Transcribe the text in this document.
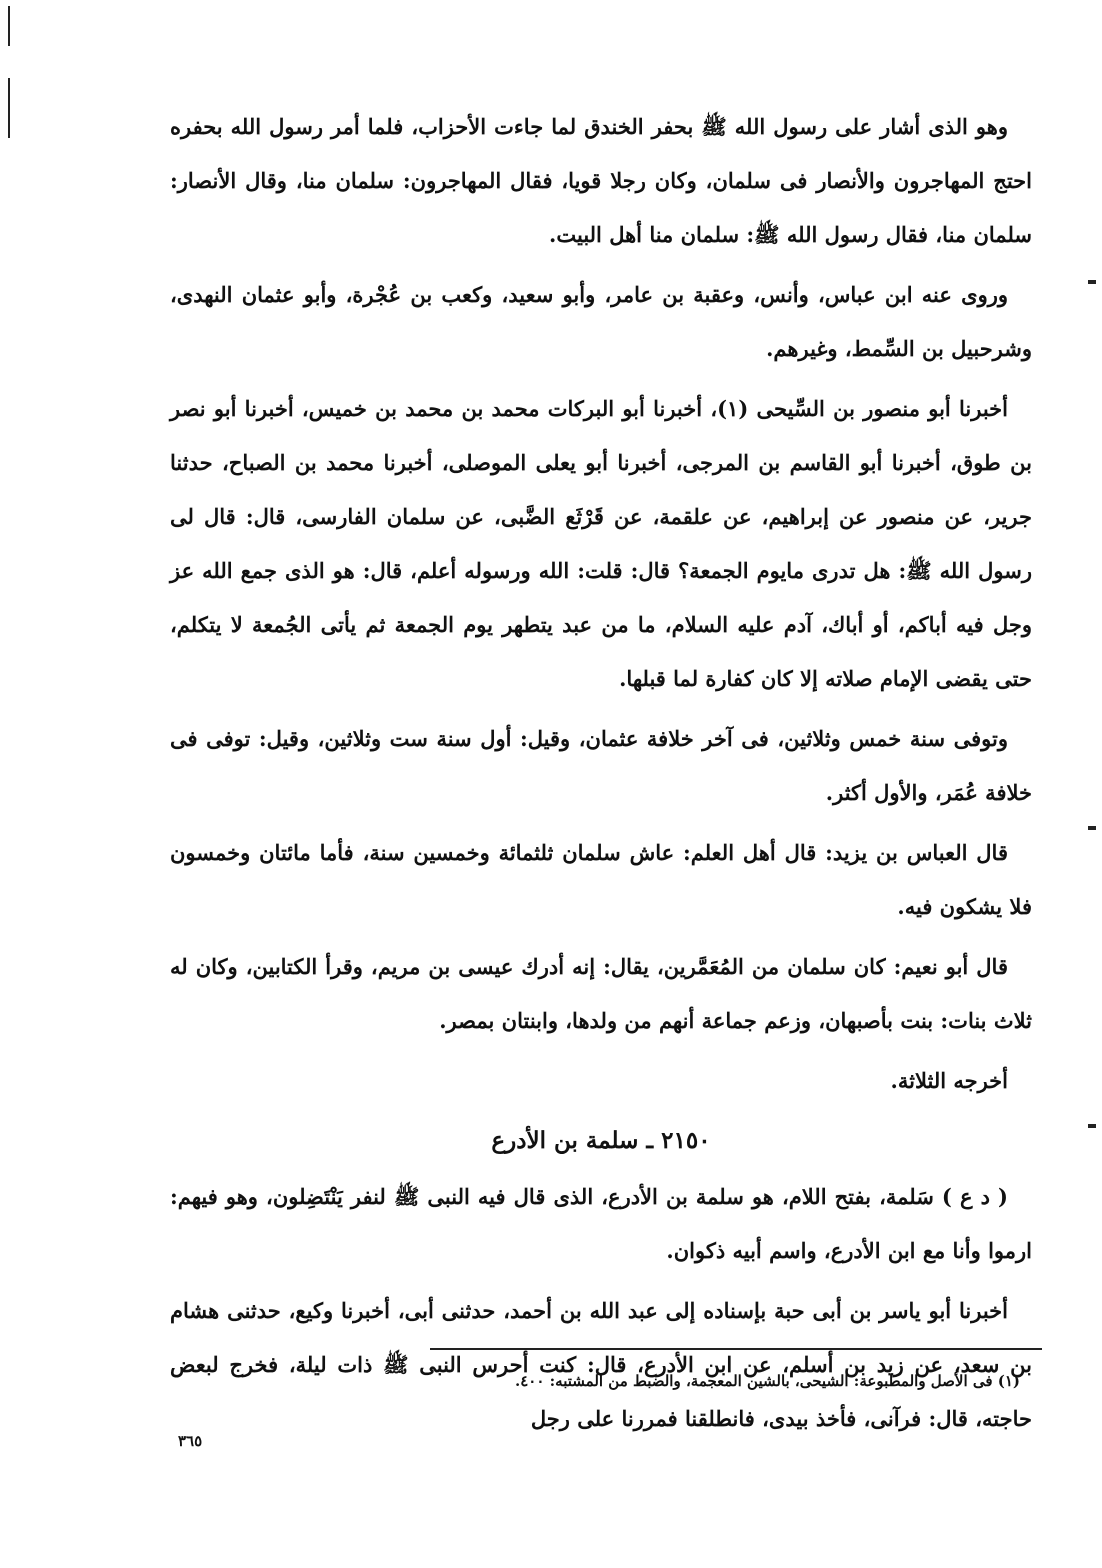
وهو الذى أشار على رسول الله ﷺ بحفر الخندق لما جاءت الأحزاب، فلما أمر رسول الله بحفره احتج المهاجرون والأنصار فى سلمان، وكان رجلا قويا، فقال المهاجرون: سلمان منا، وقال الأنصار: سلمان منا، فقال رسول الله ﷺ: سلمان منا أهل البيت.

وروى عنه ابن عباس، وأنس، وعقبة بن عامر، وأبو سعيد، وكعب بن عُجْرة، وأبو عثمان النهدى، وشرحبيل بن السِّمط، وغيرهم.

أخبرنا أبو منصور بن السِّيحى (١)، أخبرنا أبو البركات محمد بن محمد بن خميس، أخبرنا أبو نصر بن طوق، أخبرنا أبو القاسم بن المرجى، أخبرنا أبو يعلى الموصلى، أخبرنا محمد بن الصباح، حدثنا جرير، عن منصور عن إبراهيم، عن علقمة، عن قَرْثَع الضَّبى، عن سلمان الفارسى، قال: قال لى رسول الله ﷺ: هل تدرى مايوم الجمعة؟ قال: قلت: الله ورسوله أعلم، قال: هو الذى جمع الله عز وجل فيه أباكم، أو أباك، آدم عليه السلام، ما من عبد يتطهر يوم الجمعة ثم يأتى الجُمعة لا يتكلم، حتى يقضى الإمام صلاته إلا كان كفارة لما قبلها.

وتوفى سنة خمس وثلاثين، فى آخر خلافة عثمان، وقيل: أول سنة ست وثلاثين، وقيل: توفى فى خلافة عُمَر، والأول أكثر.

قال العباس بن يزيد: قال أهل العلم: عاش سلمان ثلثمائة وخمسين سنة، فأما مائتان وخمسون فلا يشكون فيه.

قال أبو نعيم: كان سلمان من المُعَمَّرين، يقال: إنه أدرك عيسى بن مريم، وقرأ الكتابين، وكان له ثلاث بنات: بنت بأصبهان، وزعم جماعة أنهم من ولدها، وابنتان بمصر.

أخرجه الثلاثة.

٢١٥٠ ـ سلمة بن الأدرع

( د ع ) سَلمة، بفتح اللام، هو سلمة بن الأدرع، الذى قال فيه النبى ﷺ لنفر يَنْتَضِلون، وهو فيهم: ارموا وأنا مع ابن الأدرع، واسم أبيه ذكوان.

أخبرنا أبو ياسر بن أبى حبة بإسناده إلى عبد الله بن أحمد، حدثنى أبى، أخبرنا وكيع، حدثنى هشام بن سعد، عن زيد بن أسلم، عن ابن الأدرع، قال: كنت أحرس النبى ﷺ ذات ليلة، فخرج لبعض حاجته، قال: فرآنى، فأخذ بيدى، فانطلقنا فمررنا على رجل

(١) فى الأصل والمطبوعة: الشيحى، بالشين المعجمة، والضبط من المشتبه: ٤٠٠.
٣٦٥
